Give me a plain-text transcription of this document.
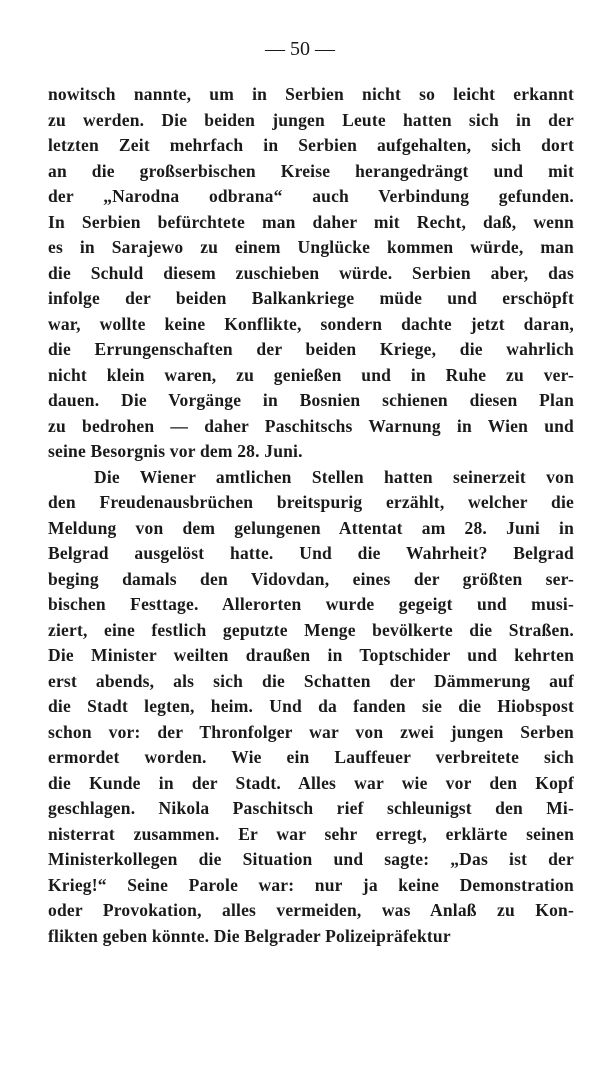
— 50 —
nowitsch nannte, um in Serbien nicht so leicht erkannt
zu werden. Die beiden jungen Leute hatten sich in der
letzten Zeit mehrfach in Serbien aufgehalten, sich dort
an die großserbischen Kreise herangedrängt und mit
der „Narodna odbrana“ auch Verbindung gefunden.
In Serbien befürchtete man daher mit Recht, daß, wenn
es in Sarajewo zu einem Unglücke kommen würde, man
die Schuld diesem zuschieben würde. Serbien aber, das
infolge der beiden Balkankriege müde und erschöpft
war, wollte keine Konflikte, sondern dachte jetzt daran,
die Errungenschaften der beiden Kriege, die wahrlich
nicht klein waren, zu genießen und in Ruhe zu ver-
dauen. Die Vorgänge in Bosnien schienen diesen Plan
zu bedrohen — daher Paschitschs Warnung in Wien und
seine Besorgnis vor dem 28. Juni.
Die Wiener amtlichen Stellen hatten seinerzeit von
den Freudenausbrüchen breitspurig erzählt, welcher die
Meldung von dem gelungenen Attentat am 28. Juni in
Belgrad ausgelöst hatte. Und die Wahrheit? Belgrad
beging damals den Vidovdan, eines der größten ser-
bischen Festtage. Allerorten wurde gegeigt und musi-
ziert, eine festlich geputzte Menge bevölkerte die Straßen.
Die Minister weilten draußen in Toptschider und kehrten
erst abends, als sich die Schatten der Dämmerung auf
die Stadt legten, heim. Und da fanden sie die Hiobspost
schon vor: der Thronfolger war von zwei jungen Serben
ermordet worden. Wie ein Lauffeuer verbreitete sich
die Kunde in der Stadt. Alles war wie vor den Kopf
geschlagen. Nikola Paschitsch rief schleunigst den Mi-
nisterrat zusammen. Er war sehr erregt, erklärte seinen
Ministerkollegen die Situation und sagte: „Das ist der
Krieg!“ Seine Parole war: nur ja keine Demonstration
oder Provokation, alles vermeiden, was Anlaß zu Kon-
flikten geben könnte. Die Belgrader Polizeipräfektur
